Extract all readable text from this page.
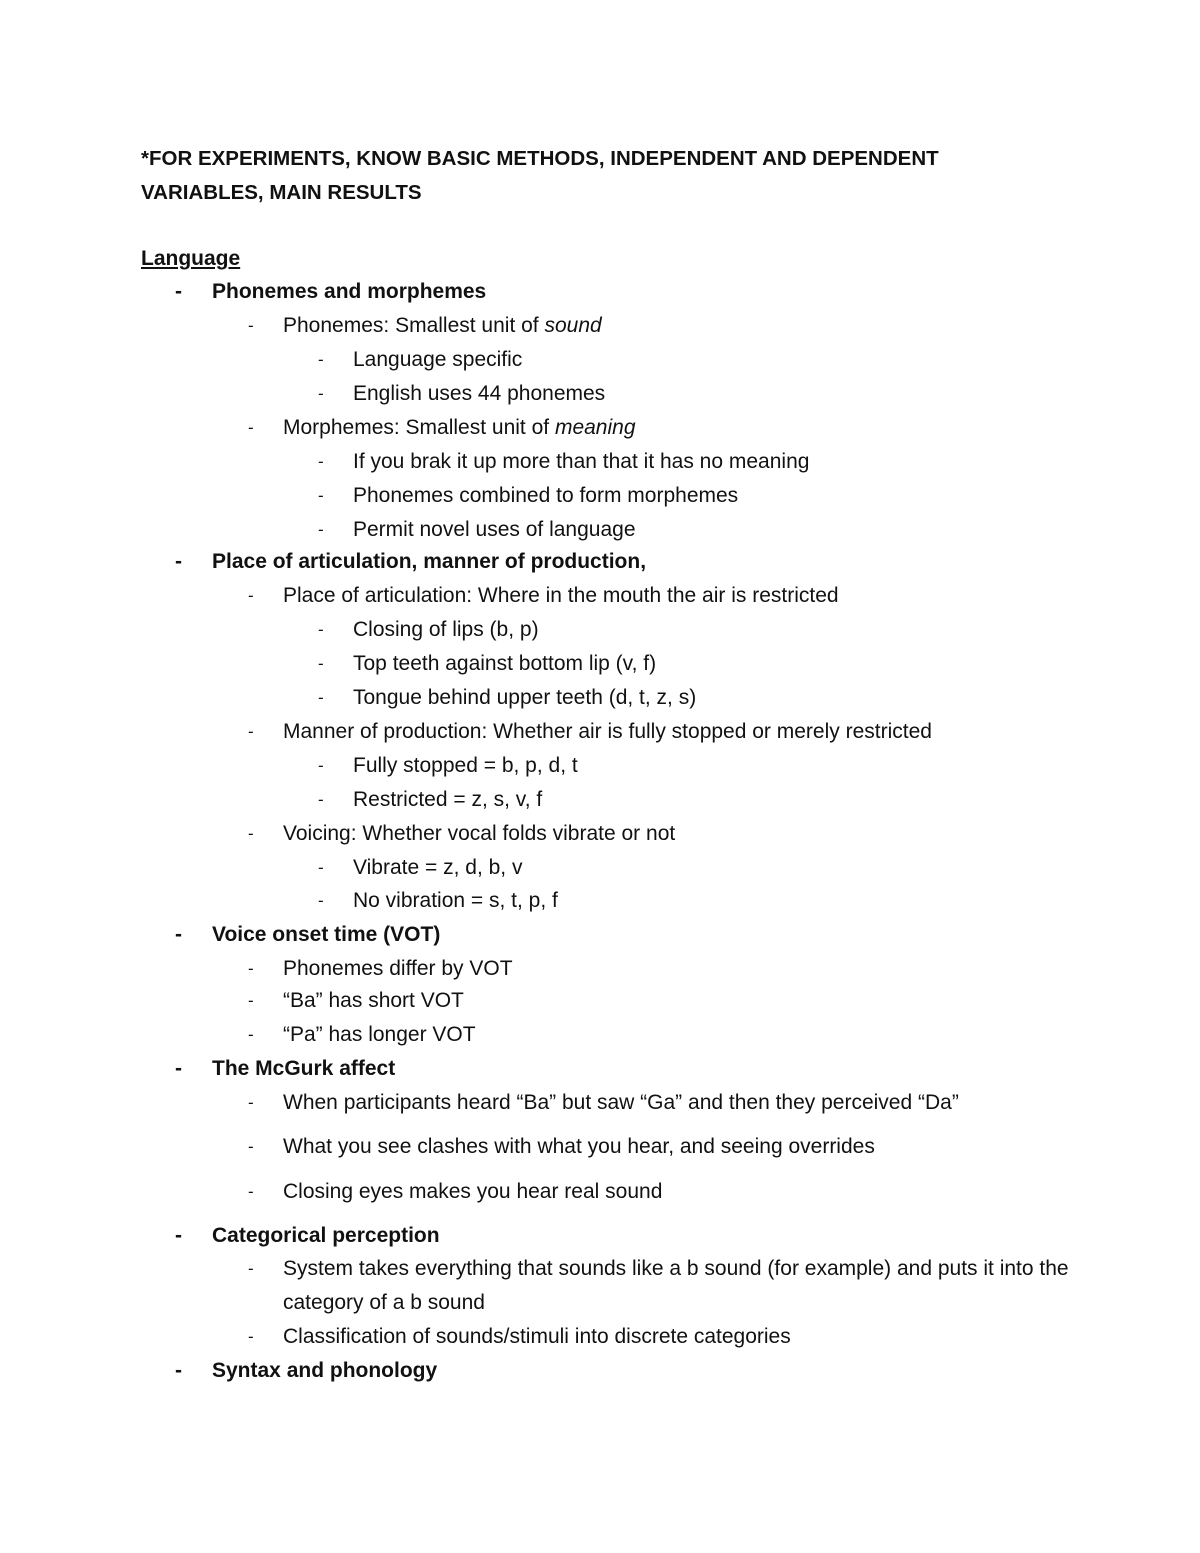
*FOR EXPERIMENTS, KNOW BASIC METHODS, INDEPENDENT AND DEPENDENT
VARIABLES, MAIN RESULTS
Language
- Phonemes and morphemes
- Phonemes: Smallest unit of sound
- Language specific
- English uses 44 phonemes
- Morphemes: Smallest unit of meaning
- If you brak it up more than that it has no meaning
- Phonemes combined to form morphemes
- Permit novel uses of language
- Place of articulation, manner of production,
- Place of articulation: Where in the mouth the air is restricted
- Closing of lips (b, p)
- Top teeth against bottom lip (v, f)
- Tongue behind upper teeth (d, t, z, s)
- Manner of production: Whether air is fully stopped or merely restricted
- Fully stopped = b, p, d, t
- Restricted = z, s, v, f
- Voicing: Whether vocal folds vibrate or not
- Vibrate = z, d, b, v
- No vibration = s, t, p, f
- Voice onset time (VOT)
- Phonemes differ by VOT
- “Ba” has short VOT
- “Pa” has longer VOT
- The McGurk affect
- When participants heard “Ba” but saw “Ga” and then they perceived “Da”
- What you see clashes with what you hear, and seeing overrides
- Closing eyes makes you hear real sound
- Categorical perception
- System takes everything that sounds like a b sound (for example) and puts it into the category of a b sound
- Classification of sounds/stimuli into discrete categories
- Syntax and phonology
